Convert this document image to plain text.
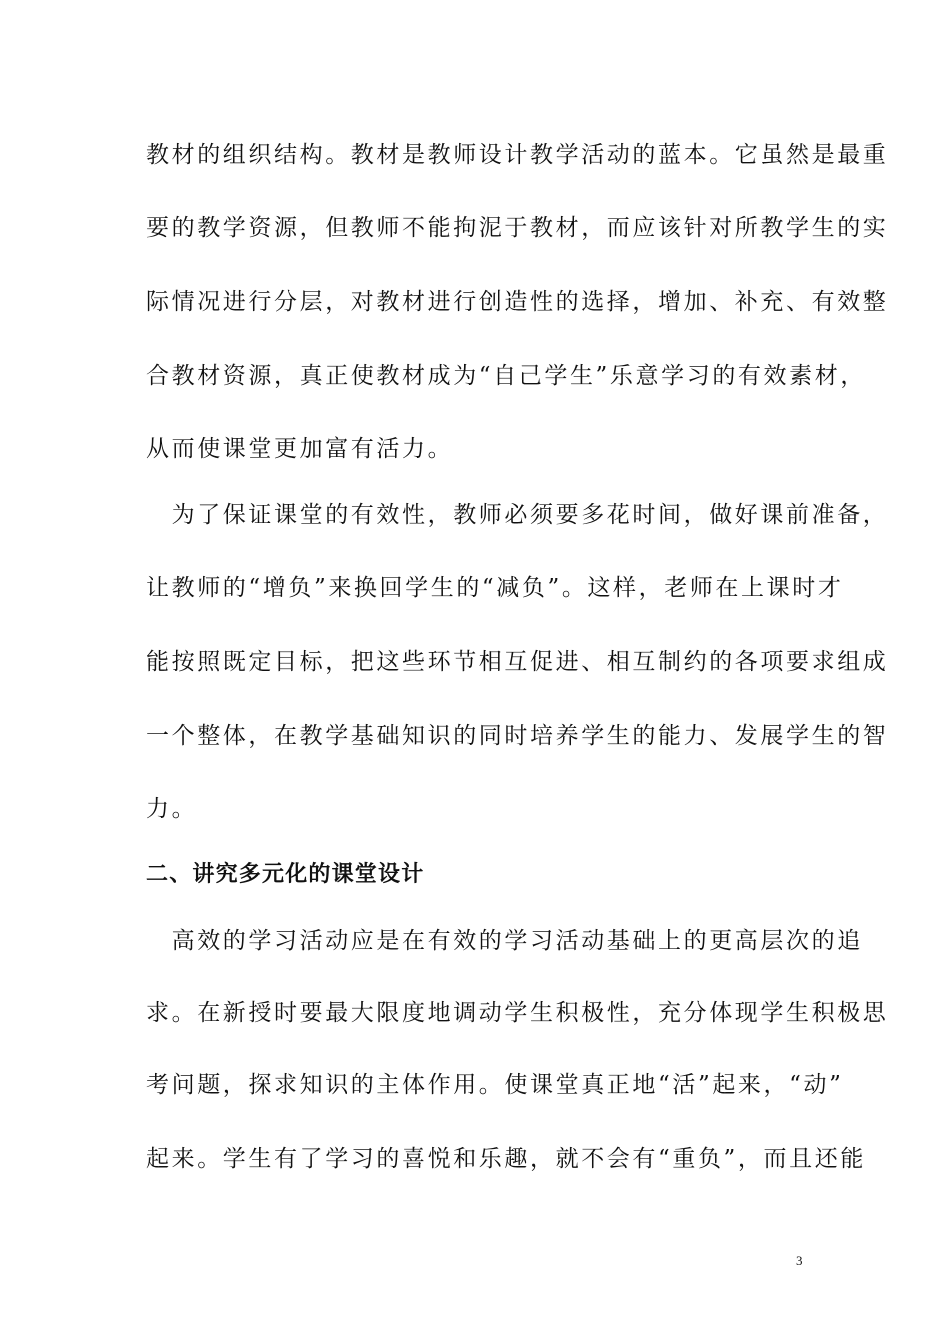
教材的组织结构。教材是教师设计教学活动的蓝本。它虽然是最重
要的教学资源，但教师不能拘泥于教材，而应该针对所教学生的实
际情况进行分层，对教材进行创造性的选择，增加、补充、有效整
合教材资源，真正使教材成为“自己学生”乐意学习的有效素材，
从而使课堂更加富有活力。
　为了保证课堂的有效性，教师必须要多花时间，做好课前准备，
让教师的“增负”来换回学生的“减负”。这样，老师在上课时才
能按照既定目标，把这些环节相互促进、相互制约的各项要求组成
一个整体，在教学基础知识的同时培养学生的能力、发展学生的智
力。
二、讲究多元化的课堂设计
　高效的学习活动应是在有效的学习活动基础上的更高层次的追
求。在新授时要最大限度地调动学生积极性，充分体现学生积极思
考问题，探求知识的主体作用。使课堂真正地“活”起来，“动”
起来。学生有了学习的喜悦和乐趣，就不会有“重负”，而且还能
3
